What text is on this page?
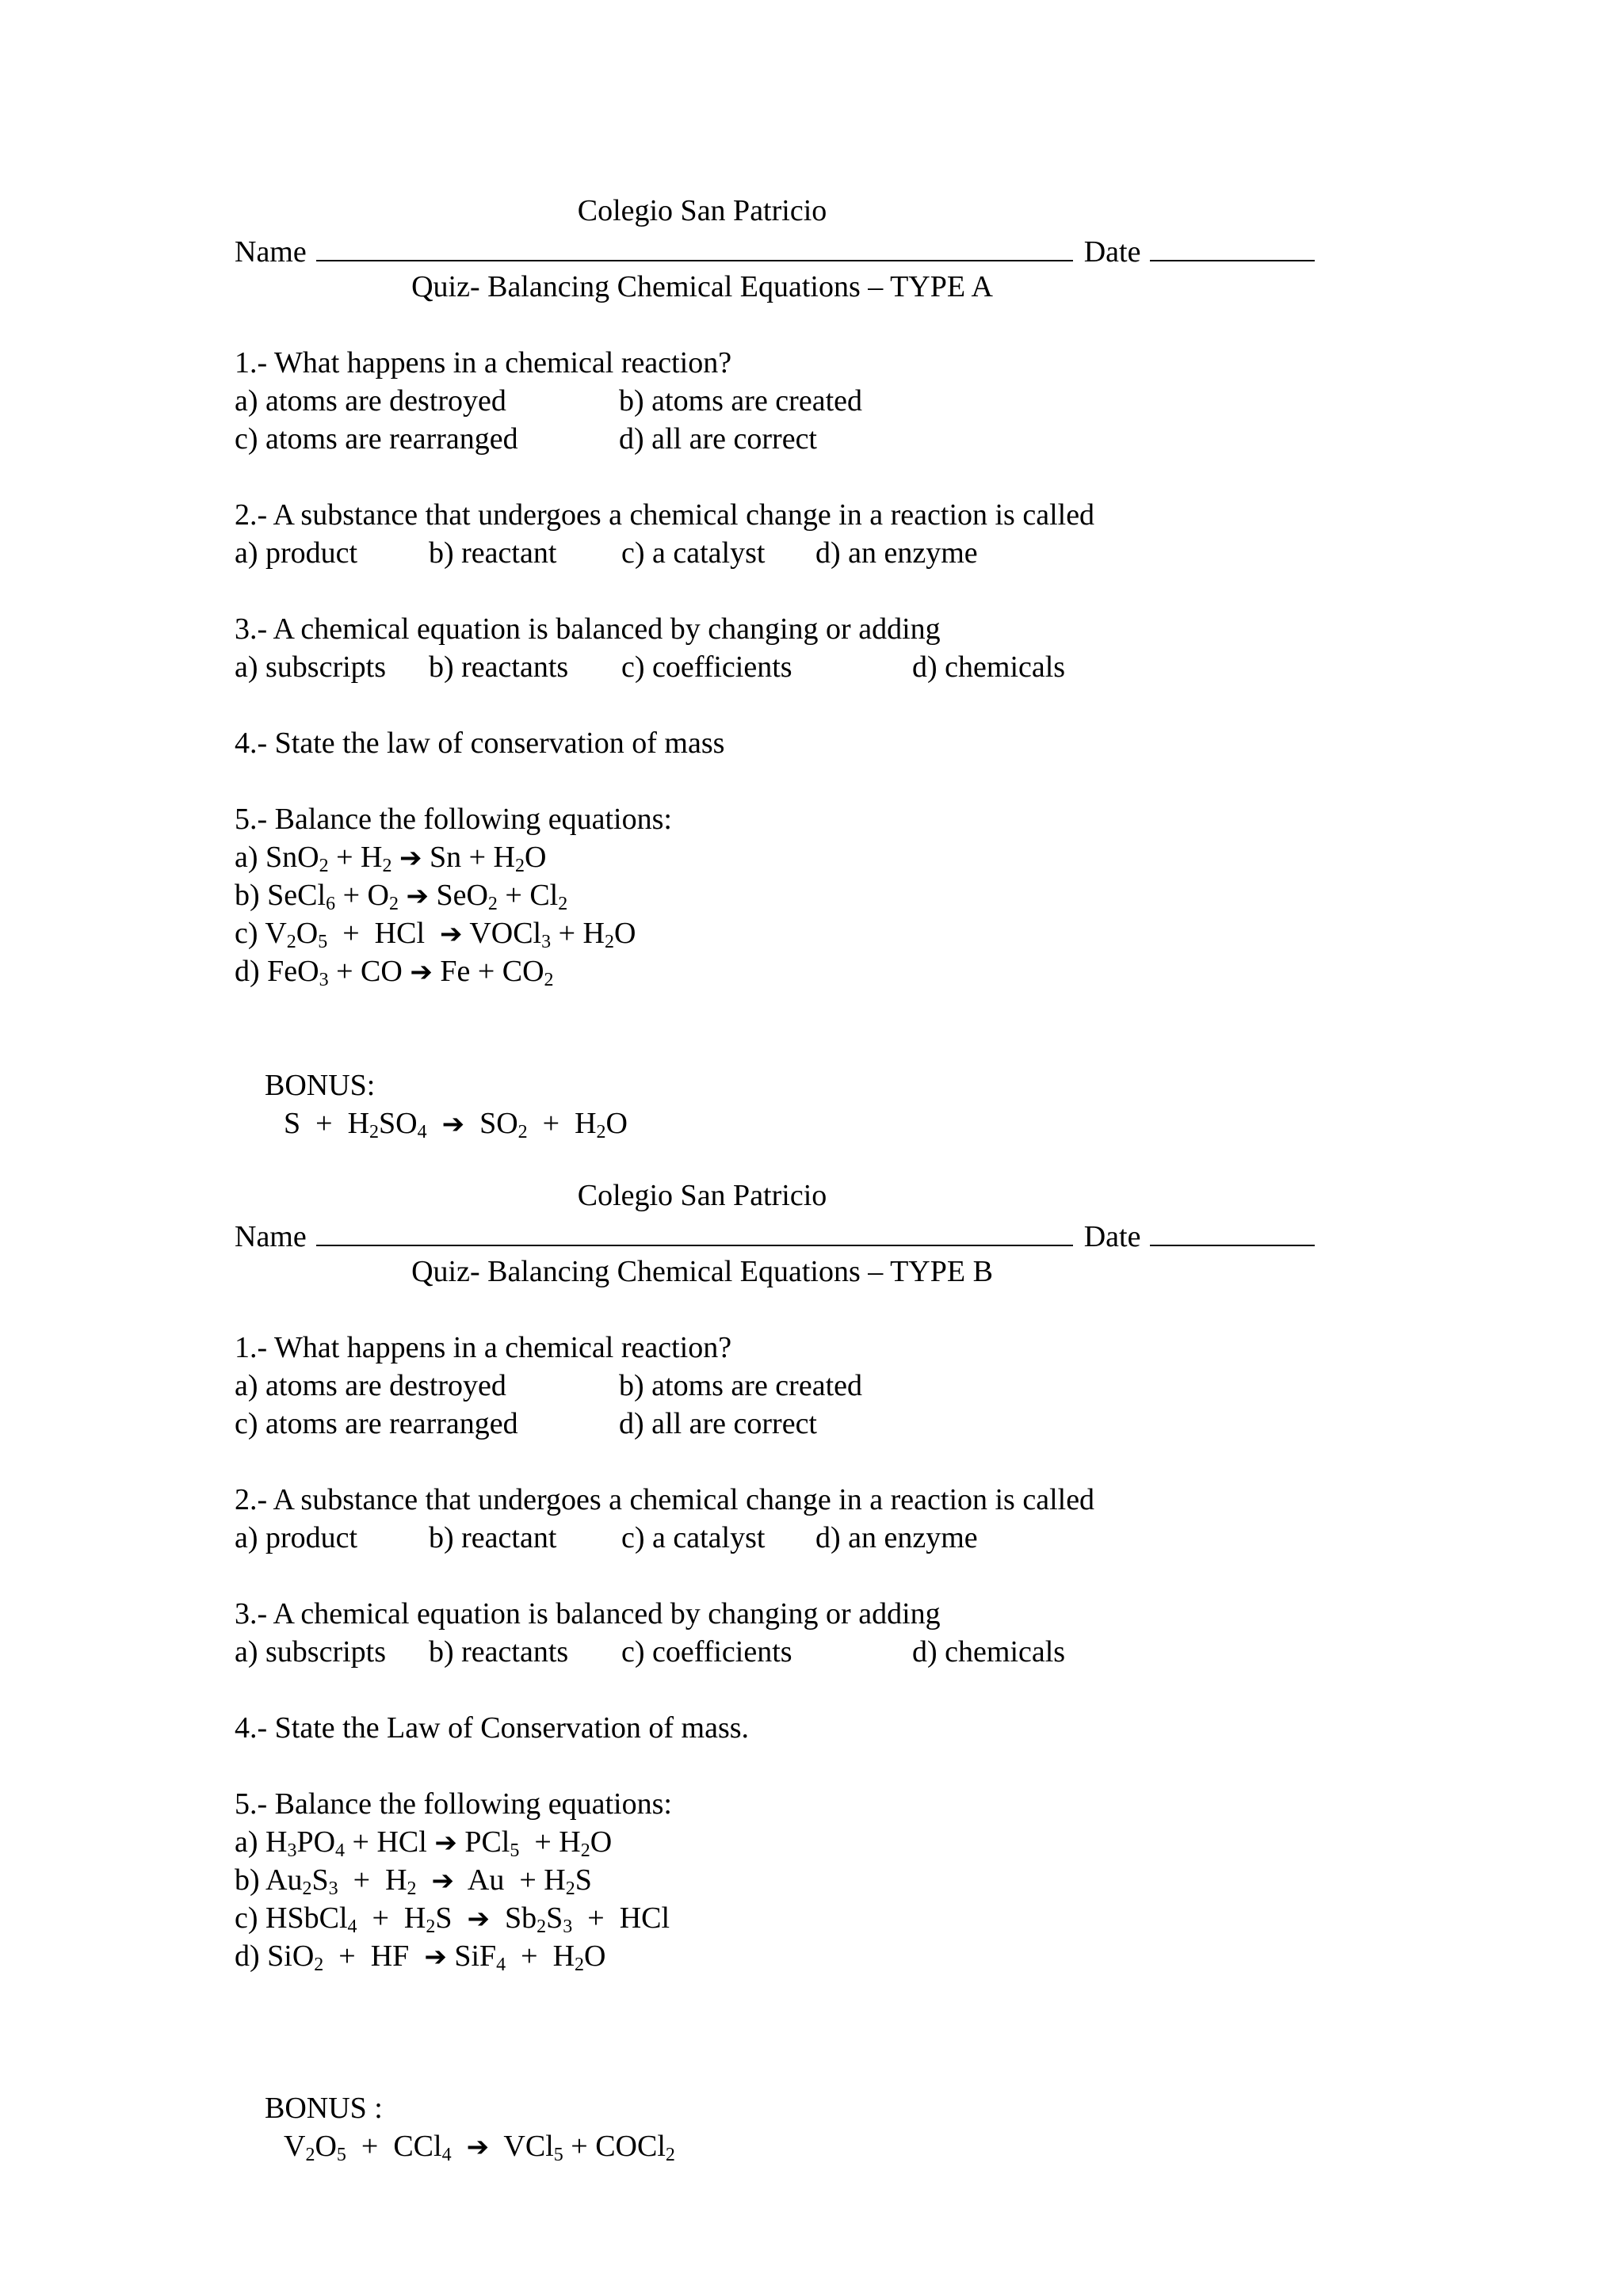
Colegio San Patricio
Name	Date
Quiz- Balancing Chemical Equations – TYPE A
1.- What happens in a chemical reaction?

a) atoms are destroyed

	b) atoms are created

c) atoms are rearranged

	d) all are correct

2.- A substance that undergoes a chemical change in a reaction is called

a) product

b) reactant

c) a catalyst

d) an enzyme

3.- A chemical equation is balanced by changing or adding

a) subscripts

b) reactants

c) coefficients

	d) chemicals

4.- State the law of conservation of mass
5.- Balance the following equations:
a) $SnO_2 + H_2$ ➔ $Sn + H_2O$
b) SeCl$_6$ + $O_2$ ➔ $SeO_2 + Cl_2$
c) $V_2O_5$  +  HCl  ➔ VOCl$_3$ + $H_2O$
d) FeO$_3$ + CO ➔ $Fe + CO_2$

BONUS:
$S + H_2SO_4$ ➔  $SO_2 + H_2O$

Colegio San Patricio
Name	Date
Quiz- Balancing Chemical Equations – TYPE B
1.- What happens in a chemical reaction?

a) atoms are destroyed

	b) atoms are created

c) atoms are rearranged

	d) all are correct

2.- A substance that undergoes a chemical change in a reaction is called

a) product

b) reactant

c) a catalyst

d) an enzyme

3.- A chemical equation is balanced by changing or adding

a) subscripts

b) reactants

c) coefficients

	d) chemicals

4.- State the Law of Conservation of mass.
5.- Balance the following equations:
a) $H_3PO_4$ + HCl ➔ $PCl_5 + H_2O$
b) $Au_2S_3 + H_2$ ➔  $Au + H_2S$
c) HSbCl$_4$  +  $H_2S$  ➔  $Sb_2S_3$  +  HCl
d) SiO$_2$  +  HF  ➔ $SiF_4 + H_2O$

BONUS :
$V_2O_5 + CCl_4$ ➔  VCl$_5$ + COCl$_2$
